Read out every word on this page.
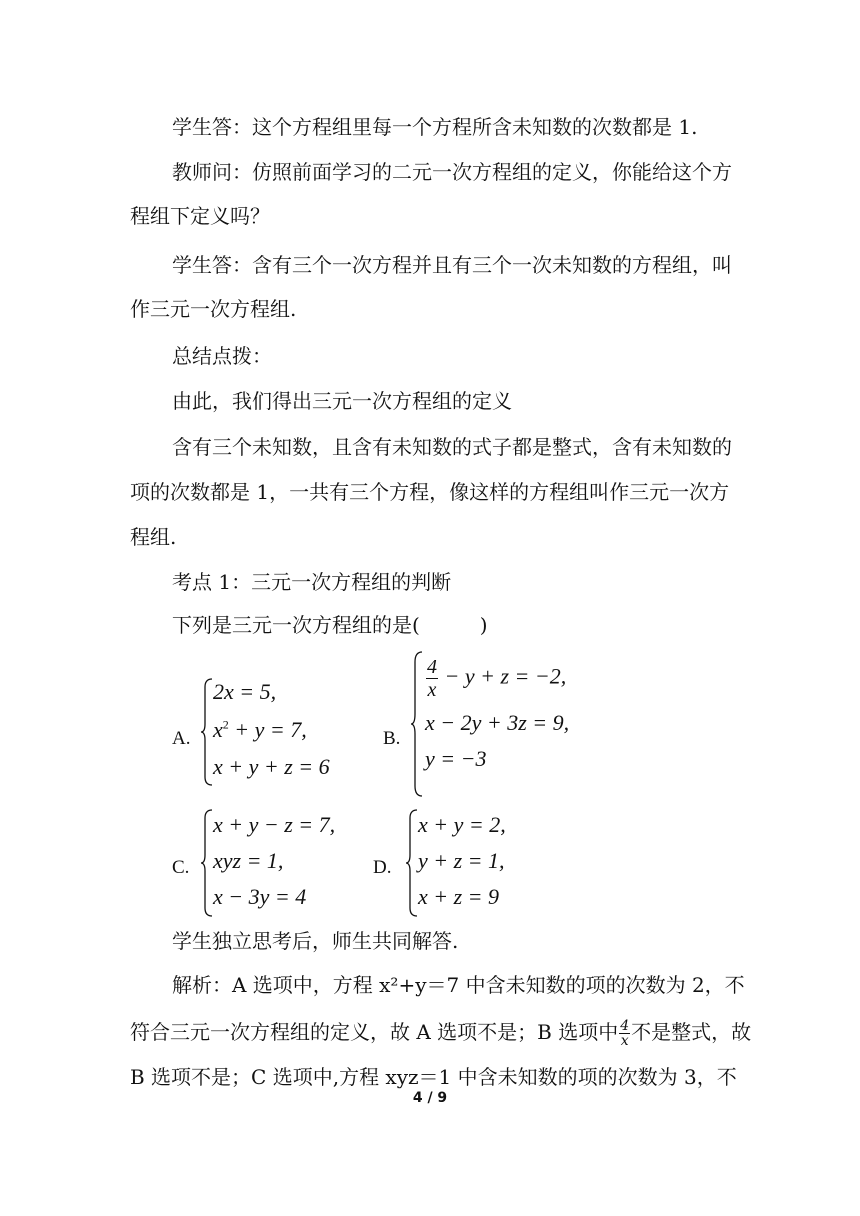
学生答：这个方程组里每一个方程所含未知数的次数都是 1.
教师问：仿照前面学习的二元一次方程组的定义，你能给这个方
程组下定义吗？
学生答：含有三个一次方程并且有三个一次未知数的方程组，叫
作三元一次方程组.
总结点拨：
由此，我们得出三元一次方程组的定义
含有三个未知数，且含有未知数的式子都是整式，含有未知数的
项的次数都是 1，一共有三个方程，像这样的方程组叫作三元一次方
程组.
考点 1：三元一次方程组的判断
下列是三元一次方程组的是(　　　)
A.
2x = 5,
$x^2 + y = 7$,
x + y + z = 6
B.
$\frac{4}{x} - y + z = -2$,
x − 2y + 3z = 9,
y = −3
C.
x + y − z = 7,
xyz = 1,
x − 3y = 4
D.
x + y = 2,
y + z = 1,
x + z = 9
学生独立思考后，师生共同解答.
解析：A 选项中，方程 x²+y＝7 中含未知数的项的次数为 2，不
符合三元一次方程组的定义，故 A 选项不是；B 选项中 $\frac{4}{x}$ 不是整式，故
B 选项不是；C 选项中,方程 xyz＝1 中含未知数的项的次数为 3，不
4 / 9
